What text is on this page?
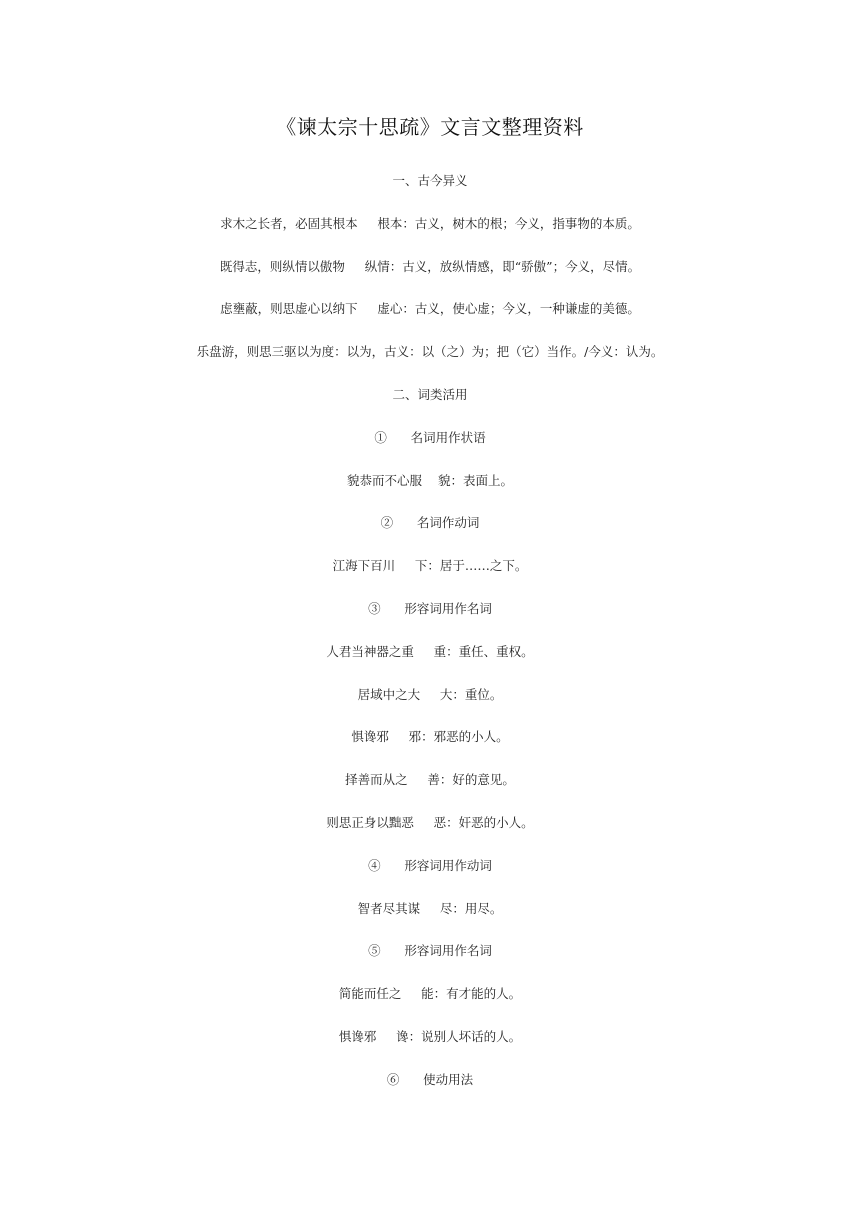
《谏太宗十思疏》文言文整理资料
一、古今异义
求木之长者，必固其根本     根本：古义，树木的根；今义，指事物的本质。
既得志，则纵情以傲物     纵情：古义，放纵情感，即“骄傲”；今义，尽情。
虑壅蔽，则思虚心以纳下     虚心：古义，使心虚；今义，一种谦虚的美德。
乐盘游，则思三驱以为度：以为，古义：以（之）为；把（它）当作。/今义：认为。
二、词类活用
①      名词用作状语
貌恭而不心服    貌：表面上。
②      名词作动词
江海下百川     下：居于……之下。
③      形容词用作名词
人君当神器之重     重：重任、重权。
居域中之大     大：重位。
惧谗邪     邪：邪恶的小人。
择善而从之     善：好的意见。
则思正身以黜恶     恶：奸恶的小人。
④      形容词用作动词
智者尽其谋     尽：用尽。
⑤      形容词用作名词
简能而任之     能：有才能的人。
惧谗邪     谗：说别人坏话的人。
⑥      使动用法
